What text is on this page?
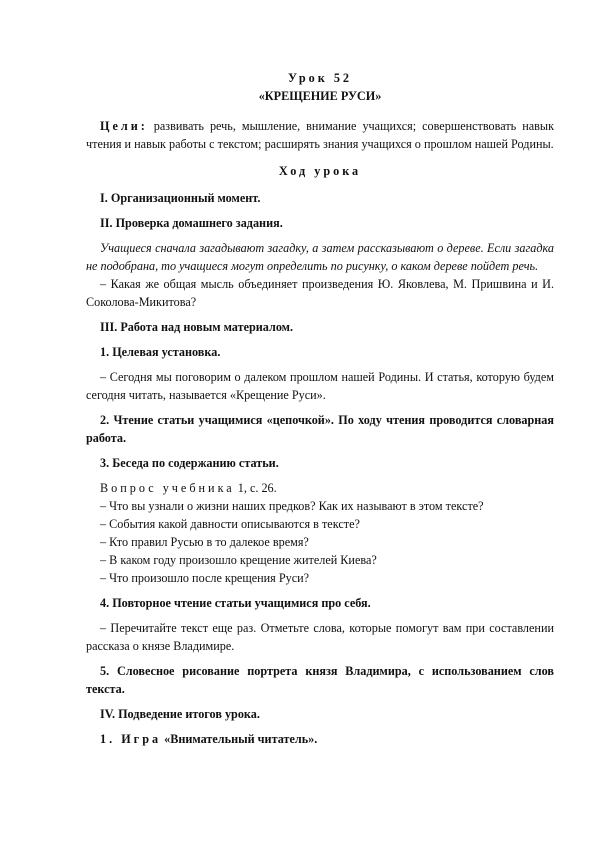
Урок 52

«КРЕЩЕНИЕ РУСИ»

Цели: развивать речь, мышление, внимание учащихся; совершенствовать навык чтения и навык работы с текстом; расширять знания учащихся о прошлом нашей Родины.

Ход урока

I. Организационный момент.

II. Проверка домашнего задания.

Учащиеся сначала загадывают загадку, а затем рассказывают о дереве. Если загадка не подобрана, то учащиеся могут определить по рисунку, о каком дереве пойдет речь.

– Какая же общая мысль объединяет произведения Ю. Яковлева, М. Пришвина и И. Соколова-Микитова?

III. Работа над новым материалом.

1. Целевая установка.

– Сегодня мы поговорим о далеком прошлом нашей Родины. И статья, которую будем сегодня читать, называется «Крещение Руси».

2. Чтение статьи учащимися «цепочкой». По ходу чтения проводится словарная работа.

3. Беседа по содержанию статьи.

Вопрос учебника 1, с. 26.

– Что вы узнали о жизни наших предков? Как их называют в этом тексте?

– События какой давности описываются в тексте?

– Кто правил Русью в то далекое время?

– В каком году произошло крещение жителей Киева?

– Что произошло после крещения Руси?

4. Повторное чтение статьи учащимися про себя.

– Перечитайте текст еще раз. Отметьте слова, которые помогут вам при составлении рассказа о князе Владимире.

5. Словесное рисование портрета князя Владимира, с использованием слов текста.

IV. Подведение итогов урока.

1. Игра «Внимательный читатель».
